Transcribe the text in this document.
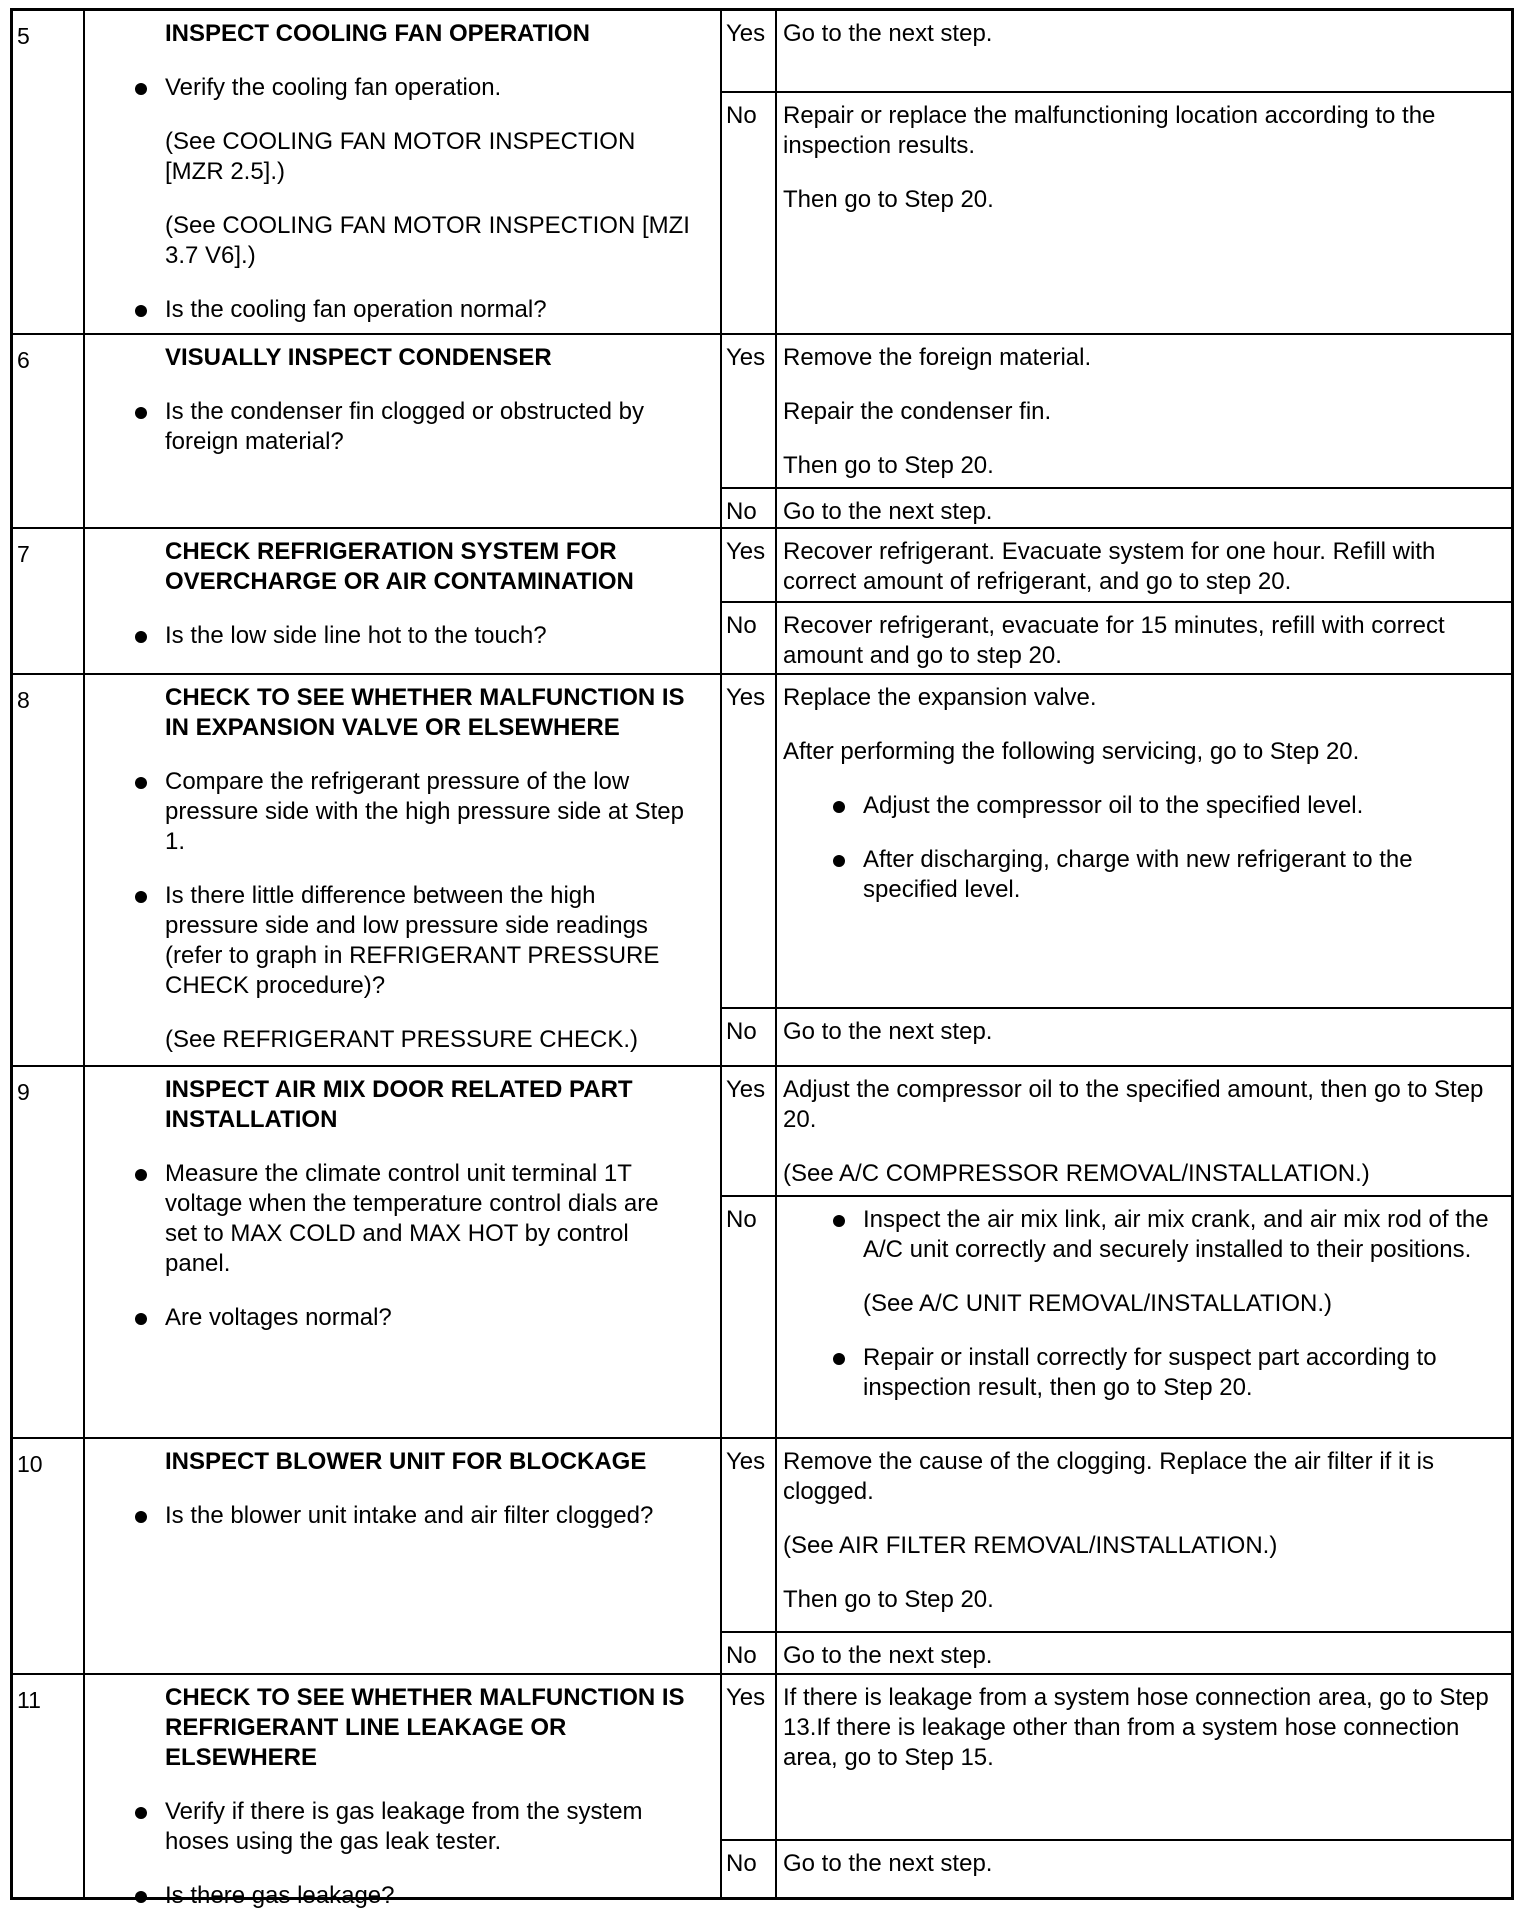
5	INSPECT COOLING FAN OPERATION
Verify the cooling fan operation.
(See COOLING FAN MOTOR INSPECTION [MZR 2.5].)
(See COOLING FAN MOTOR INSPECTION [MZI 3.7 V6].)
Is the cooling fan operation normal?
Yes Go to the next step.

No	Repair or replace the malfunctioning location according to the inspection results.

Then go to Step 20.

6	VISUALLY INSPECT CONDENSER
Is the condenser fin clogged or obstructed by foreign material?
Yes Remove the foreign material.

Repair the condenser fin.

Then go to Step 20.

No	Go to the next step.

7	CHECK REFRIGERATION SYSTEM FOR OVERCHARGE OR AIR CONTAMINATION
Is the low side line hot to the touch?
Yes Recover refrigerant. Evacuate system for one hour. Refill with correct amount of refrigerant, and go to step 20.

No	Recover refrigerant, evacuate for 15 minutes, refill with correct amount and go to step 20.

8	CHECK TO SEE WHETHER MALFUNCTION IS IN EXPANSION VALVE OR ELSEWHERE
Compare the refrigerant pressure of the low pressure side with the high pressure side at Step 1.
Is there little difference between the high pressure side and low pressure side readings (refer to graph in REFRIGERANT PRESSURE CHECK procedure)?
(See REFRIGERANT PRESSURE CHECK.)
Yes Replace the expansion valve.

After performing the following servicing, go to Step 20.

Adjust the compressor oil to the specified level.

After discharging, charge with new refrigerant to the specified level.

No	Go to the next step.

9	INSPECT AIR MIX DOOR RELATED PART INSTALLATION
Measure the climate control unit terminal 1T voltage when the temperature control dials are set to MAX COLD and MAX HOT by control panel.
Are voltages normal?
Yes Adjust the compressor oil to the specified amount, then go to Step 20.

(See A/C COMPRESSOR REMOVAL/INSTALLATION.)

No	Inspect the air mix link, air mix crank, and air mix rod of the A/C unit correctly and securely installed to their positions.

(See A/C UNIT REMOVAL/INSTALLATION.)

Repair or install correctly for suspect part according to inspection result, then go to Step 20.

10	INSPECT BLOWER UNIT FOR BLOCKAGE
Is the blower unit intake and air filter clogged?
Yes Remove the cause of the clogging. Replace the air filter if it is clogged.

(See AIR FILTER REMOVAL/INSTALLATION.)

Then go to Step 20.

No	Go to the next step.

11	CHECK TO SEE WHETHER MALFUNCTION IS REFRIGERANT LINE LEAKAGE OR ELSEWHERE
Verify if there is gas leakage from the system hoses using the gas leak tester.
Is there gas leakage?
Yes If there is leakage from a system hose connection area, go to Step 13.If there is leakage other than from a system hose connection area, go to Step 15.

No	Go to the next step.
